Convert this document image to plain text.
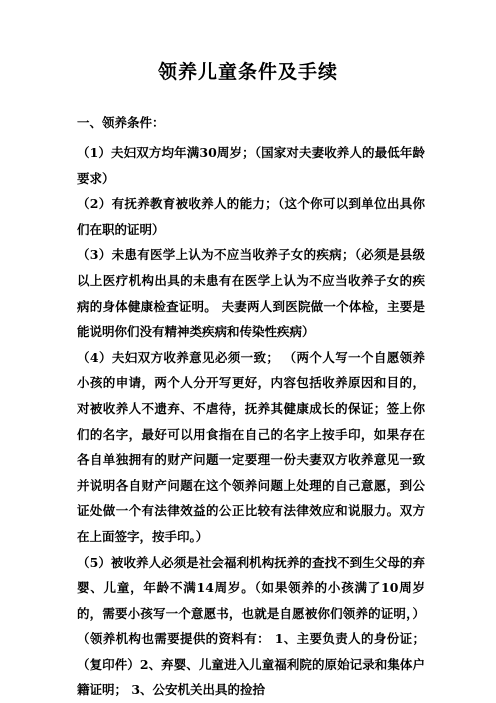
领养儿童条件及手续
一、领养条件：

（1）夫妇双方均年满30周岁；（国家对夫妻收养人的最低年龄要求）

（2）有抚养教育被收养人的能力；（这个你可以到单位出具你们在职的证明）

（3）未患有医学上认为不应当收养子女的疾病；（必须是县级以上医疗机构出具的未患有在医学上认为不应当收养子女的疾病的身体健康检查证明。 夫妻两人到医院做一个体检，主要是能说明你们没有精神类疾病和传染性疾病）

（4）夫妇双方收养意见必须一致； （两个人写一个自愿领养小孩的申请，两个人分开写更好，内容包括收养原因和目的，对被收养人不遗弃、不虐待，抚养其健康成长的保证；签上你们的名字，最好可以用食指在自己的名字上按手印，如果存在各自单独拥有的财产问题一定要理一份夫妻双方收养意见一致并说明各自财产问题在这个领养问题上处理的自己意愿，到公证处做一个有法律效益的公正比较有法律效应和说服力。双方在上面签字，按手印。）

（5）被收养人必须是社会福利机构抚养的查找不到生父母的弃婴、儿童，年龄不满14周岁。（如果领养的小孩满了10周岁的，需要小孩写一个意愿书，也就是自愿被你们领养的证明，）（领养机构也需要提供的资料有： 1、主要负责人的身份证；（复印件）2、弃婴、儿童进入儿童福利院的原始记录和集体户籍证明； 3、公安机关出具的捡拾
